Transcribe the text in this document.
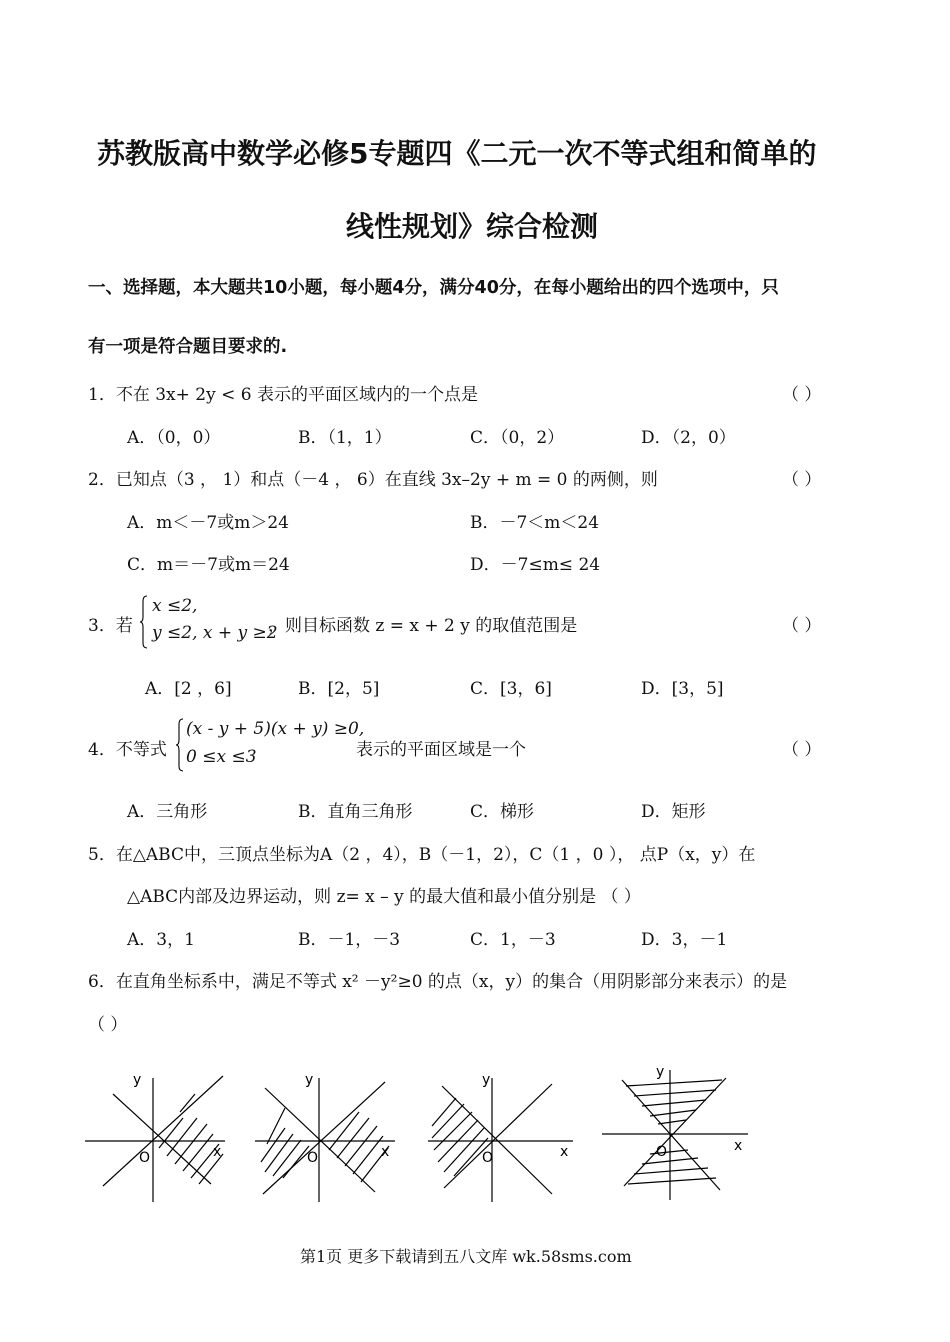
苏教版高中数学必修5专题四《二元一次不等式组和简单的
线性规划》综合检测
一、选择题，本大题共10小题，每小题4分，满分40分，在每小题给出的四个选项中，只
有一项是符合题目要求的.
1．不在 3x+ 2y < 6 表示的平面区域内的一个点是	（ ）
A．（0，0）	B．（1，1）	C．（0，2）	D．（2，0）
2．已知点（3 ， 1）和点（－4 ， 6）在直线 3x–2y + m = 0 的两侧，则	（ ）
A．m＜－7或m＞24	B．－7＜m＜24
C．m＝－7或m＝24	D．－7≤m≤ 24
3．若
x ≤2,
y ≤2, x + y ≥2
，则目标函数 z = x + 2 y 的取值范围是	（ ）
A．[2 ，6]	B．[2，5]	C．[3，6]	D．[3，5]
4．不等式
(x - y + 5)(x + y) ≥0,
0 ≤x ≤3	表示的平面区域是一个	（ ）
A．三角形	B．直角三角形	C．梯形	D．矩形
5．在△ABC中，三顶点坐标为A（2 ，4），B（－1，2），C（1 ，0 ）， 点P（x，y）在
△ABC内部及边界运动，则 z= x – y 的最大值和最小值分别是 （ ）
A．3，1	B．－1，－3	C．1，－3	D．3，－1
6．在直角坐标系中，满足不等式 x² －y²≥0 的点（x，y）的集合（用阴影部分来表示）的是
（ ）
y
x
O
y
x
O
y
x
O
y
x
O
第1页 更多下载请到五八文库 wk.58sms.com
